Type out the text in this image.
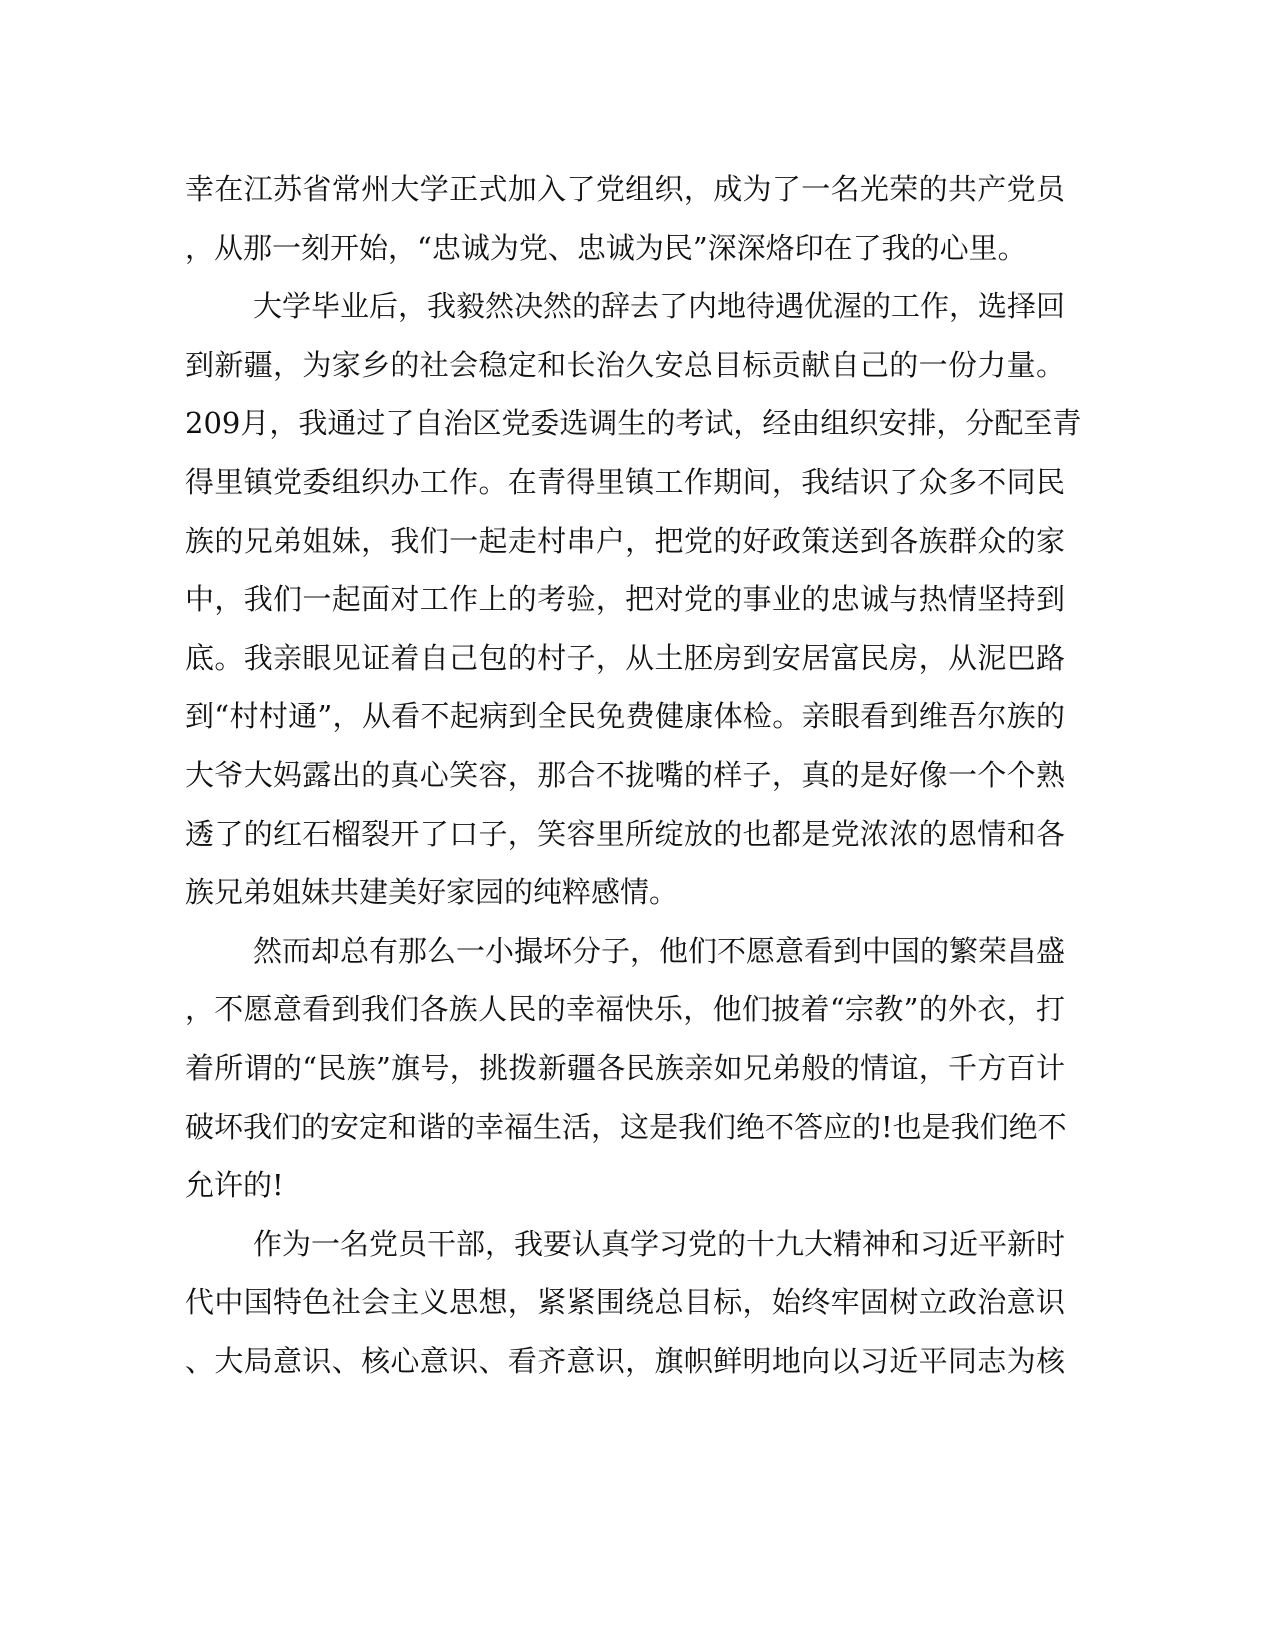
幸在江苏省常州大学正式加入了党组织，成为了一名光荣的共产党员
，从那一刻开始，“忠诚为党、忠诚为民”深深烙印在了我的心里。
大学毕业后，我毅然决然的辞去了内地待遇优渥的工作，选择回
到新疆，为家乡的社会稳定和长治久安总目标贡献自己的一份力量。
209月，我通过了自治区党委选调生的考试，经由组织安排，分配至青
得里镇党委组织办工作。在青得里镇工作期间，我结识了众多不同民
族的兄弟姐妹，我们一起走村串户，把党的好政策送到各族群众的家
中，我们一起面对工作上的考验，把对党的事业的忠诚与热情坚持到
底。我亲眼见证着自己包的村子，从土胚房到安居富民房，从泥巴路
到“村村通”，从看不起病到全民免费健康体检。亲眼看到维吾尔族的
大爷大妈露出的真心笑容，那合不拢嘴的样子，真的是好像一个个熟
透了的红石榴裂开了口子，笑容里所绽放的也都是党浓浓的恩情和各
族兄弟姐妹共建美好家园的纯粹感情。
然而却总有那么一小撮坏分子，他们不愿意看到中国的繁荣昌盛
，不愿意看到我们各族人民的幸福快乐，他们披着“宗教”的外衣，打
着所谓的“民族”旗号，挑拨新疆各民族亲如兄弟般的情谊，千方百计
破坏我们的安定和谐的幸福生活，这是我们绝不答应的!也是我们绝不
允许的!
作为一名党员干部，我要认真学习党的十九大精神和习近平新时
代中国特色社会主义思想，紧紧围绕总目标，始终牢固树立政治意识
、大局意识、核心意识、看齐意识，旗帜鲜明地向以习近平同志为核
